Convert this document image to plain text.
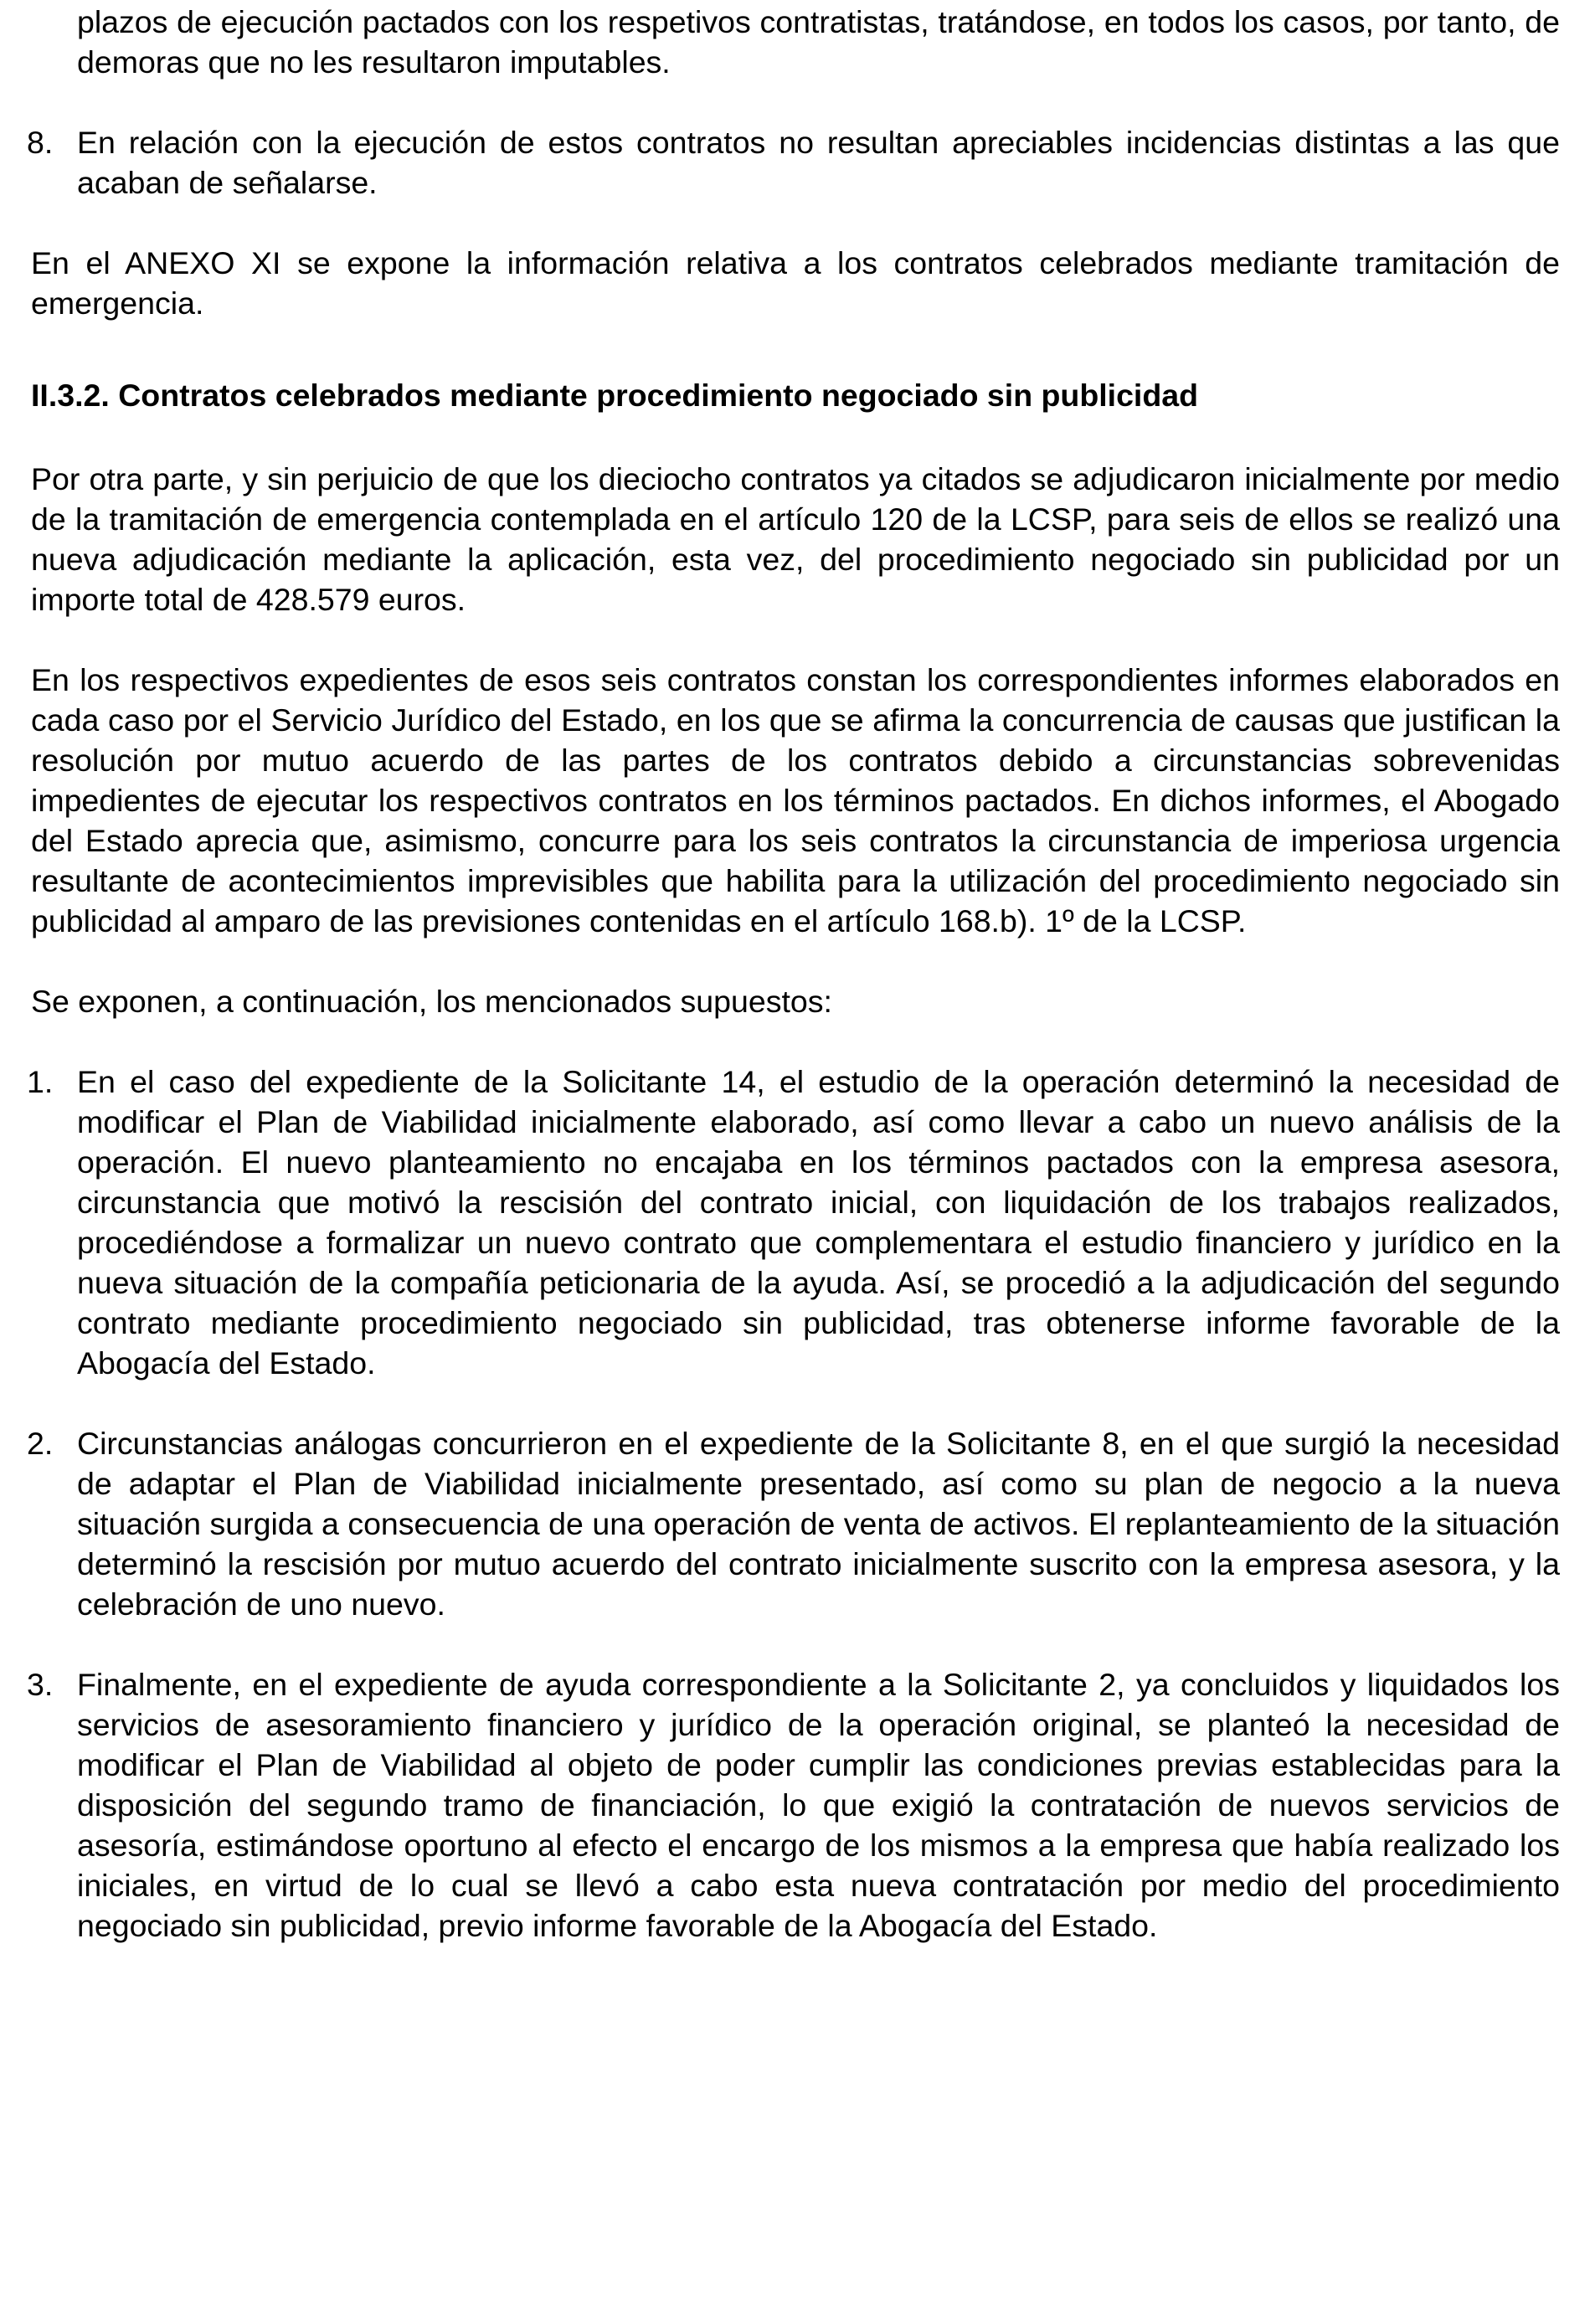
plazos de ejecución pactados con los respetivos contratistas, tratándose, en todos los casos, por tanto, de demoras que no les resultaron imputables.

8. En relación con la ejecución de estos contratos no resultan apreciables incidencias distintas a las que acaban de señalarse.

En el ANEXO XI se expone la información relativa a los contratos celebrados mediante tramitación de emergencia.

II.3.2. Contratos celebrados mediante procedimiento negociado sin publicidad

Por otra parte, y sin perjuicio de que los dieciocho contratos ya citados se adjudicaron inicialmente por medio de la tramitación de emergencia contemplada en el artículo 120 de la LCSP, para seis de ellos se realizó una nueva adjudicación mediante la aplicación, esta vez, del procedimiento negociado sin publicidad por un importe total de 428.579 euros.

En los respectivos expedientes de esos seis contratos constan los correspondientes informes elaborados en cada caso por el Servicio Jurídico del Estado, en los que se afirma la concurrencia de causas que justifican la resolución por mutuo acuerdo de las partes de los contratos debido a circunstancias sobrevenidas impedientes de ejecutar los respectivos contratos en los términos pactados. En dichos informes, el Abogado del Estado aprecia que, asimismo, concurre para los seis contratos la circunstancia de imperiosa urgencia resultante de acontecimientos imprevisibles que habilita para la utilización del procedimiento negociado sin publicidad al amparo de las previsiones contenidas en el artículo 168.b). 1º de la LCSP.

Se exponen, a continuación, los mencionados supuestos:

1. En el caso del expediente de la Solicitante 14, el estudio de la operación determinó la necesidad de modificar el Plan de Viabilidad inicialmente elaborado, así como llevar a cabo un nuevo análisis de la operación. El nuevo planteamiento no encajaba en los términos pactados con la empresa asesora, circunstancia que motivó la rescisión del contrato inicial, con liquidación de los trabajos realizados, procediéndose a formalizar un nuevo contrato que complementara el estudio financiero y jurídico en la nueva situación de la compañía peticionaria de la ayuda. Así, se procedió a la adjudicación del segundo contrato mediante procedimiento negociado sin publicidad, tras obtenerse informe favorable de la Abogacía del Estado.

2. Circunstancias análogas concurrieron en el expediente de la Solicitante 8, en el que surgió la necesidad de adaptar el Plan de Viabilidad inicialmente presentado, así como su plan de negocio a la nueva situación surgida a consecuencia de una operación de venta de activos. El replanteamiento de la situación determinó la rescisión por mutuo acuerdo del contrato inicialmente suscrito con la empresa asesora, y la celebración de uno nuevo.

3. Finalmente, en el expediente de ayuda correspondiente a la Solicitante 2, ya concluidos y liquidados los servicios de asesoramiento financiero y jurídico de la operación original, se planteó la necesidad de modificar el Plan de Viabilidad al objeto de poder cumplir las condiciones previas establecidas para la disposición del segundo tramo de financiación, lo que exigió la contratación de nuevos servicios de asesoría, estimándose oportuno al efecto el encargo de los mismos a la empresa que había realizado los iniciales, en virtud de lo cual se llevó a cabo esta nueva contratación por medio del procedimiento negociado sin publicidad, previo informe favorable de la Abogacía del Estado.
